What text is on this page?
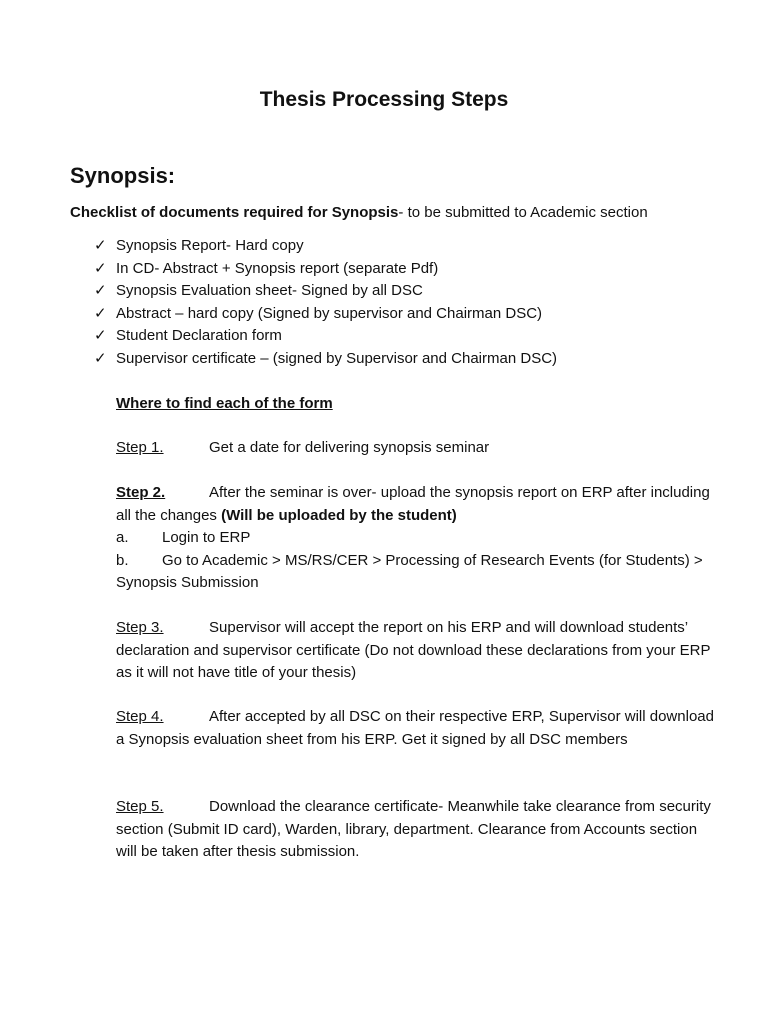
Thesis Processing Steps
Synopsis:

Checklist of documents required for Synopsis- to be submitted to Academic section

✓ Synopsis Report- Hard copy
✓ In CD- Abstract + Synopsis report (separate Pdf)
✓ Synopsis Evaluation sheet- Signed by all DSC
✓ Abstract – hard copy (Signed by supervisor and Chairman DSC)
✓ Student Declaration form
✓ Supervisor certificate – (signed by Supervisor and Chairman DSC)

Where to find each of the form

Step 1.	Get a date for delivering synopsis seminar

Step 2.	After the seminar is over- upload the synopsis report on ERP after including all the changes (Will be uploaded by the student)
a. Login to ERP
b. Go to Academic > MS/RS/CER > Processing of Research Events (for Students) > Synopsis Submission

Step 3.	Supervisor will accept the report on his ERP and will download students’ declaration and supervisor certificate (Do not download these declarations from your ERP as it will not have title of your thesis)

Step 4.	After accepted by all DSC on their respective ERP, Supervisor will download a Synopsis evaluation sheet from his ERP. Get it signed by all DSC members

Step 5.	Download the clearance certificate- Meanwhile take clearance from security section (Submit ID card), Warden, library, department. Clearance from Accounts section will be taken after thesis submission.
